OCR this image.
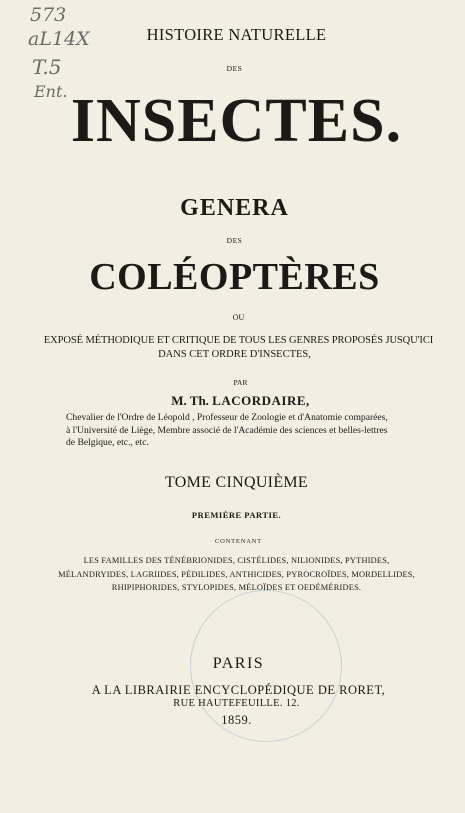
573
aL14X
T.5
Ent.
HISTOIRE NATURELLE
DES
INSECTES.
GENERA
DES
COLÉOPTÈRES
OU
EXPOSÉ MÉTHODIQUE ET CRITIQUE DE TOUS LES GENRES PROPOSÉS JUSQU'ICI
DANS CET ORDRE D'INSECTES,
PAR
M. Th. LACORDAIRE,
Chevalier de l'Ordre de Léopold , Professeur de Zoologie et d'Anatomie comparées,
à l'Université de Liège, Membre associé de l'Académie des sciences et belles-lettres
de Belgique, etc., etc.
TOME CINQUIÈME
PREMIÈRE PARTIE.
CONTENANT
LES FAMILLES DES TÉNÉBRIONIDES, CISTÉLIDES, NILIONIDES, PYTHIDES,
MÉLANDRYIDES, LAGRIIDES, PÉDILIDES, ANTHICIDES, PYROCROÏDES, MORDELLIDES,
RHIPIPHORIDES, STYLOPIDES, MÉLOÏDES ET OEDÉMÉRIDES.
PARIS
A LA LIBRAIRIE ENCYCLOPÉDIQUE DE RORET,
RUE HAUTEFEUILLE. 12.
1859.
